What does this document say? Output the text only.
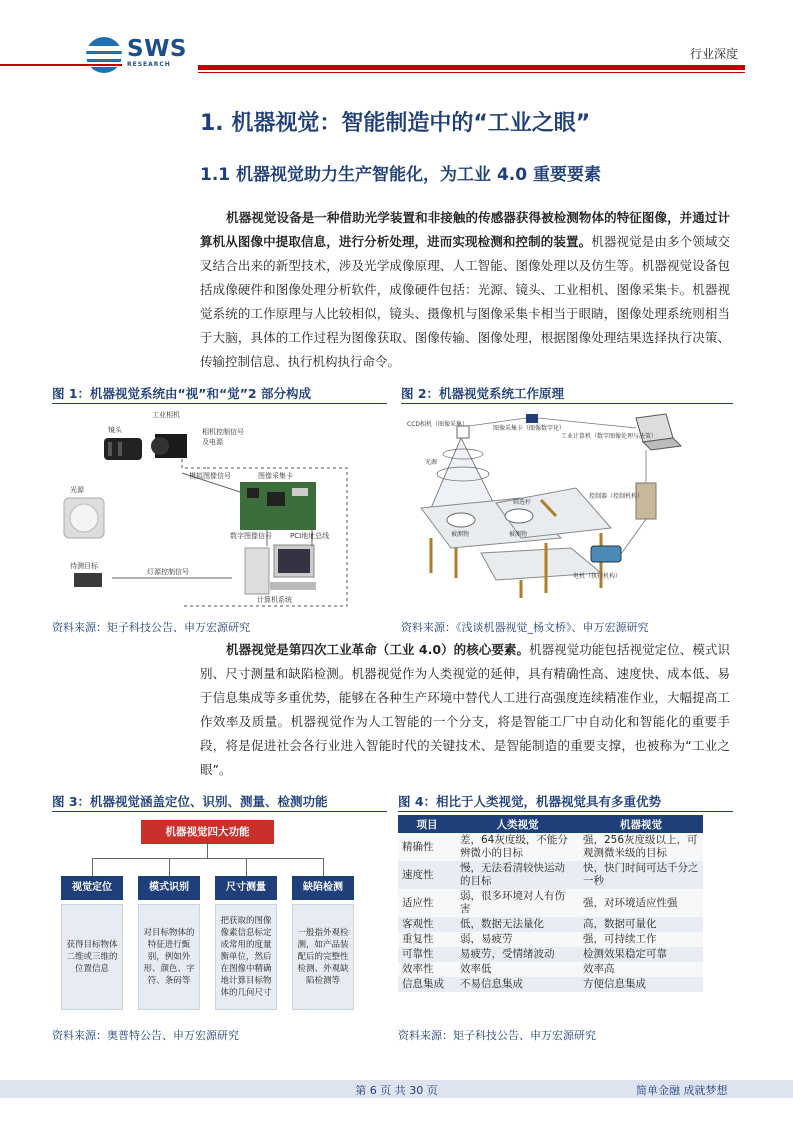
SWS
RESEARCH
行业深度
1. 机器视觉：智能制造中的“工业之眼”
1.1 机器视觉助力生产智能化，为工业 4.0 重要要素
机器视觉设备是一种借助光学装置和非接触的传感器获得被检测物体的特征图像，并通过计算机从图像中提取信息，进行分析处理，进而实现检测和控制的装置。机器视觉是由多个领域交叉结合出来的新型技术，涉及光学成像原理、人工智能、图像处理以及仿生等。机器视觉设备包括成像硬件和图像处理分析软件，成像硬件包括：光源、镜头、工业相机、图像采集卡。机器视觉系统的工作原理与人比较相似，镜头、摄像机与图像采集卡相当于眼睛，图像处理系统则相当于大脑，具体的工作过程为图像获取、图像传输、图像处理，根据图像处理结果选择执行决策、传输控制信息、执行机构执行命令。
图 1：机器视觉系统由“视”和“觉”2 部分构成
镜头
工业相机
相机控制信号
及电源
模拟图像信号	图像采集卡
光源
数字图像信号	PCI地址总线
待测目标
灯源控制信号
计算机系统
资料来源：矩子科技公告、申万宏源研究
图 2：机器视觉系统工作原理
CCD相机（图像采集）
图像采集卡（图像数字化）
工业计算机（数字图像处理与决策）
光源
被测物	被测物
筛选杆
控制器（控制机构）
电机（执行机构）
资料来源：《浅谈机器视觉_杨文桥》、申万宏源研究
机器视觉是第四次工业革命（工业 4.0）的核心要素。机器视觉功能包括视觉定位、模式识别、尺寸测量和缺陷检测。机器视觉作为人类视觉的延伸，具有精确性高、速度快、成本低、易于信息集成等多重优势，能够在各种生产环境中替代人工进行高强度连续精准作业，大幅提高工作效率及质量。机器视觉作为人工智能的一个分支，将是智能工厂中自动化和智能化的重要手段，将是促进社会各行业进入智能时代的关键技术、是智能制造的重要支撑，也被称为“工业之眼”。
图 3：机器视觉涵盖定位、识别、测量、检测功能
机器视觉四大功能
视觉定位	模式识别	尺寸测量	缺陷检测
获得目标物体二维或三维的位置信息
对目标物体的特征进行甄别，例如外形、颜色、字符、条码等
把获取的图像像素信息标定成常用的度量衡单位，然后在图像中精确地计算目标物体的几何尺寸
一般指外观检测，如产品装配后的完整性检测、外观缺陷检测等
资料来源：奥普特公告、申万宏源研究
图 4：相比于人类视觉，机器视觉具有多重优势
项目	人类视觉	机器视觉
精确性	差，64灰度级，不能分辨微小的目标	强，256灰度级以上，可观测微米级的目标
速度性	慢，无法看清较快运动的目标	快，快门时间可达千分之一秒
适应性	弱，很多环境对人有伤害	强，对环境适应性强
客观性	低，数据无法量化	高，数据可量化
重复性	弱，易疲劳	强，可持续工作
可靠性	易疲劳，受情绪波动	检测效果稳定可靠
效率性	效率低	效率高
信息集成	不易信息集成	方便信息集成
资料来源：矩子科技公告、申万宏源研究
第 6 页 共 30 页	简单金融 成就梦想
